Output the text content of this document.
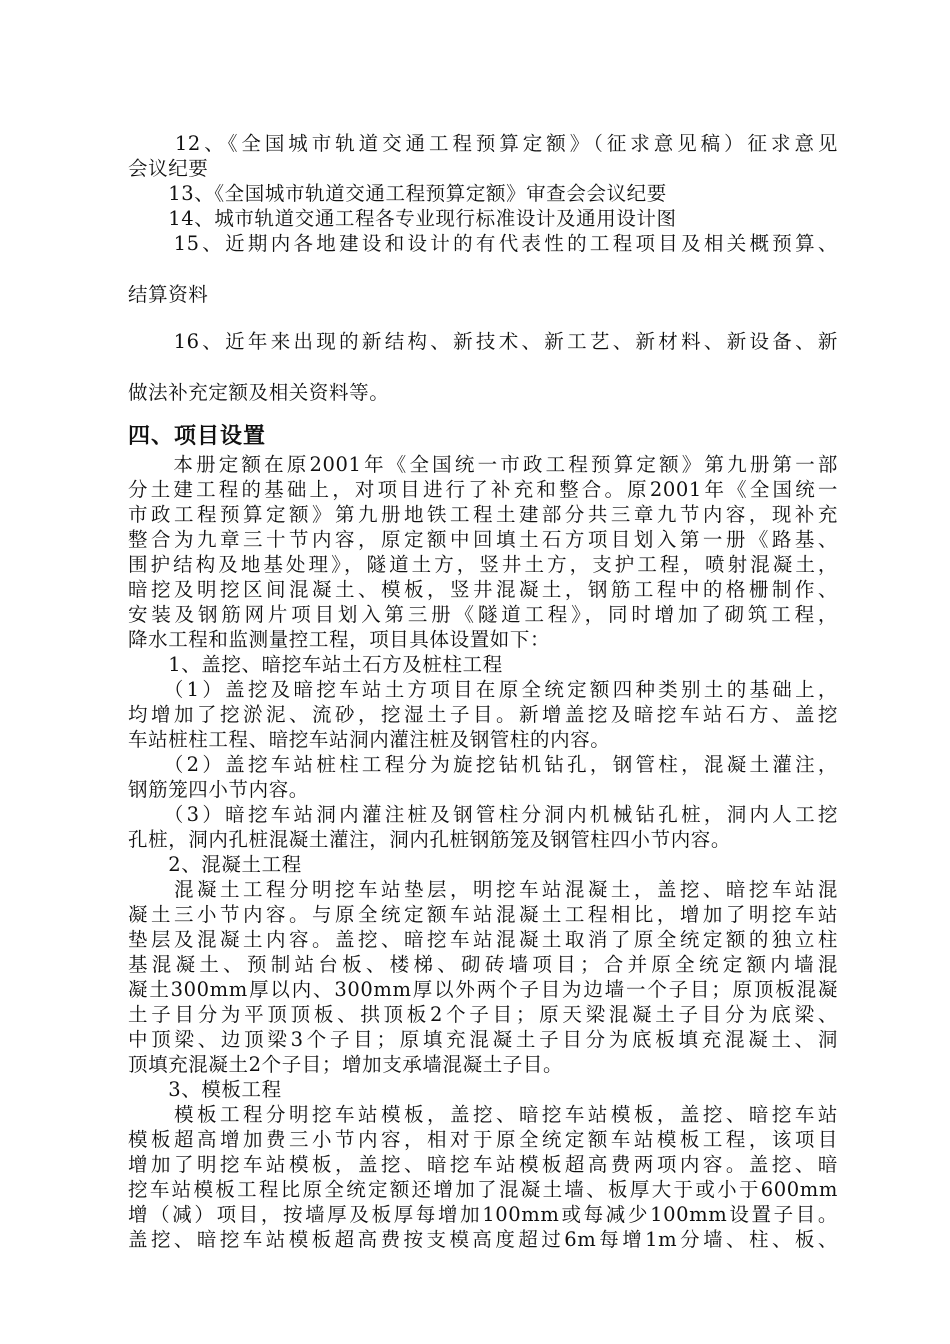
　　12、《全国城市轨道交通工程预算定额》（征求意见稿）征求意见
会议纪要
　　13、《全国城市轨道交通工程预算定额》审查会会议纪要
　　14、城市轨道交通工程各专业现行标准设计及通用设计图
　　15、近期内各地建设和设计的有代表性的工程项目及相关概预算、
结算资料
　　16、近年来出现的新结构、新技术、新工艺、新材料、新设备、新
做法补充定额及相关资料等。
　　本册定额在原2001年《全国统一市政工程预算定额》第九册第一部
分土建工程的基础上，对项目进行了补充和整合。原2001年《全国统一
市政工程预算定额》第九册地铁工程土建部分共三章九节内容，现补充
整合为九章三十节内容，原定额中回填土石方项目划入第一册《路基、
围护结构及地基处理》，隧道土方，竖井土方，支护工程，喷射混凝土，
暗挖及明挖区间混凝土、模板，竖井混凝土，钢筋工程中的格栅制作、
安装及钢筋网片项目划入第三册《隧道工程》，同时增加了砌筑工程，
降水工程和监测量控工程，项目具体设置如下：
　　1、盖挖、暗挖车站土石方及桩柱工程
　　（1）盖挖及暗挖车站土方项目在原全统定额四种类别土的基础上，
均增加了挖淤泥、流砂，挖湿土子目。新增盖挖及暗挖车站石方、盖挖
车站桩柱工程、暗挖车站洞内灌注桩及钢管柱的内容。
　　（2）盖挖车站桩柱工程分为旋挖钻机钻孔，钢管柱，混凝土灌注，
钢筋笼四小节内容。
　　（3）暗挖车站洞内灌注桩及钢管柱分洞内机械钻孔桩，洞内人工挖
孔桩，洞内孔桩混凝土灌注，洞内孔桩钢筋笼及钢管柱四小节内容。
　　2、混凝土工程
　　混凝土工程分明挖车站垫层，明挖车站混凝土，盖挖、暗挖车站混
凝土三小节内容。与原全统定额车站混凝土工程相比，增加了明挖车站
垫层及混凝土内容。盖挖、暗挖车站混凝土取消了原全统定额的独立柱
基混凝土、预制站台板、楼梯、砌砖墙项目；合并原全统定额内墙混
凝土300mm厚以内、300mm厚以外两个子目为边墙一个子目；原顶板混凝
土子目分为平顶顶板、拱顶板2个子目；原天梁混凝土子目分为底梁、
中顶梁、边顶梁3个子目；原填充混凝土子目分为底板填充混凝土、洞
顶填充混凝土2个子目；增加支承墙混凝土子目。
　　3、模板工程
　　模板工程分明挖车站模板，盖挖、暗挖车站模板，盖挖、暗挖车站
模板超高增加费三小节内容，相对于原全统定额车站模板工程，该项目
增加了明挖车站模板，盖挖、暗挖车站模板超高费两项内容。盖挖、暗
挖车站模板工程比原全统定额还增加了混凝土墙、板厚大于或小于600mm
增（减）项目，按墙厚及板厚每增加100mm或每减少100mm设置子目。
盖挖、暗挖车站模板超高费按支模高度超过6m每增1m分墙、柱、板、
四、项目设置
